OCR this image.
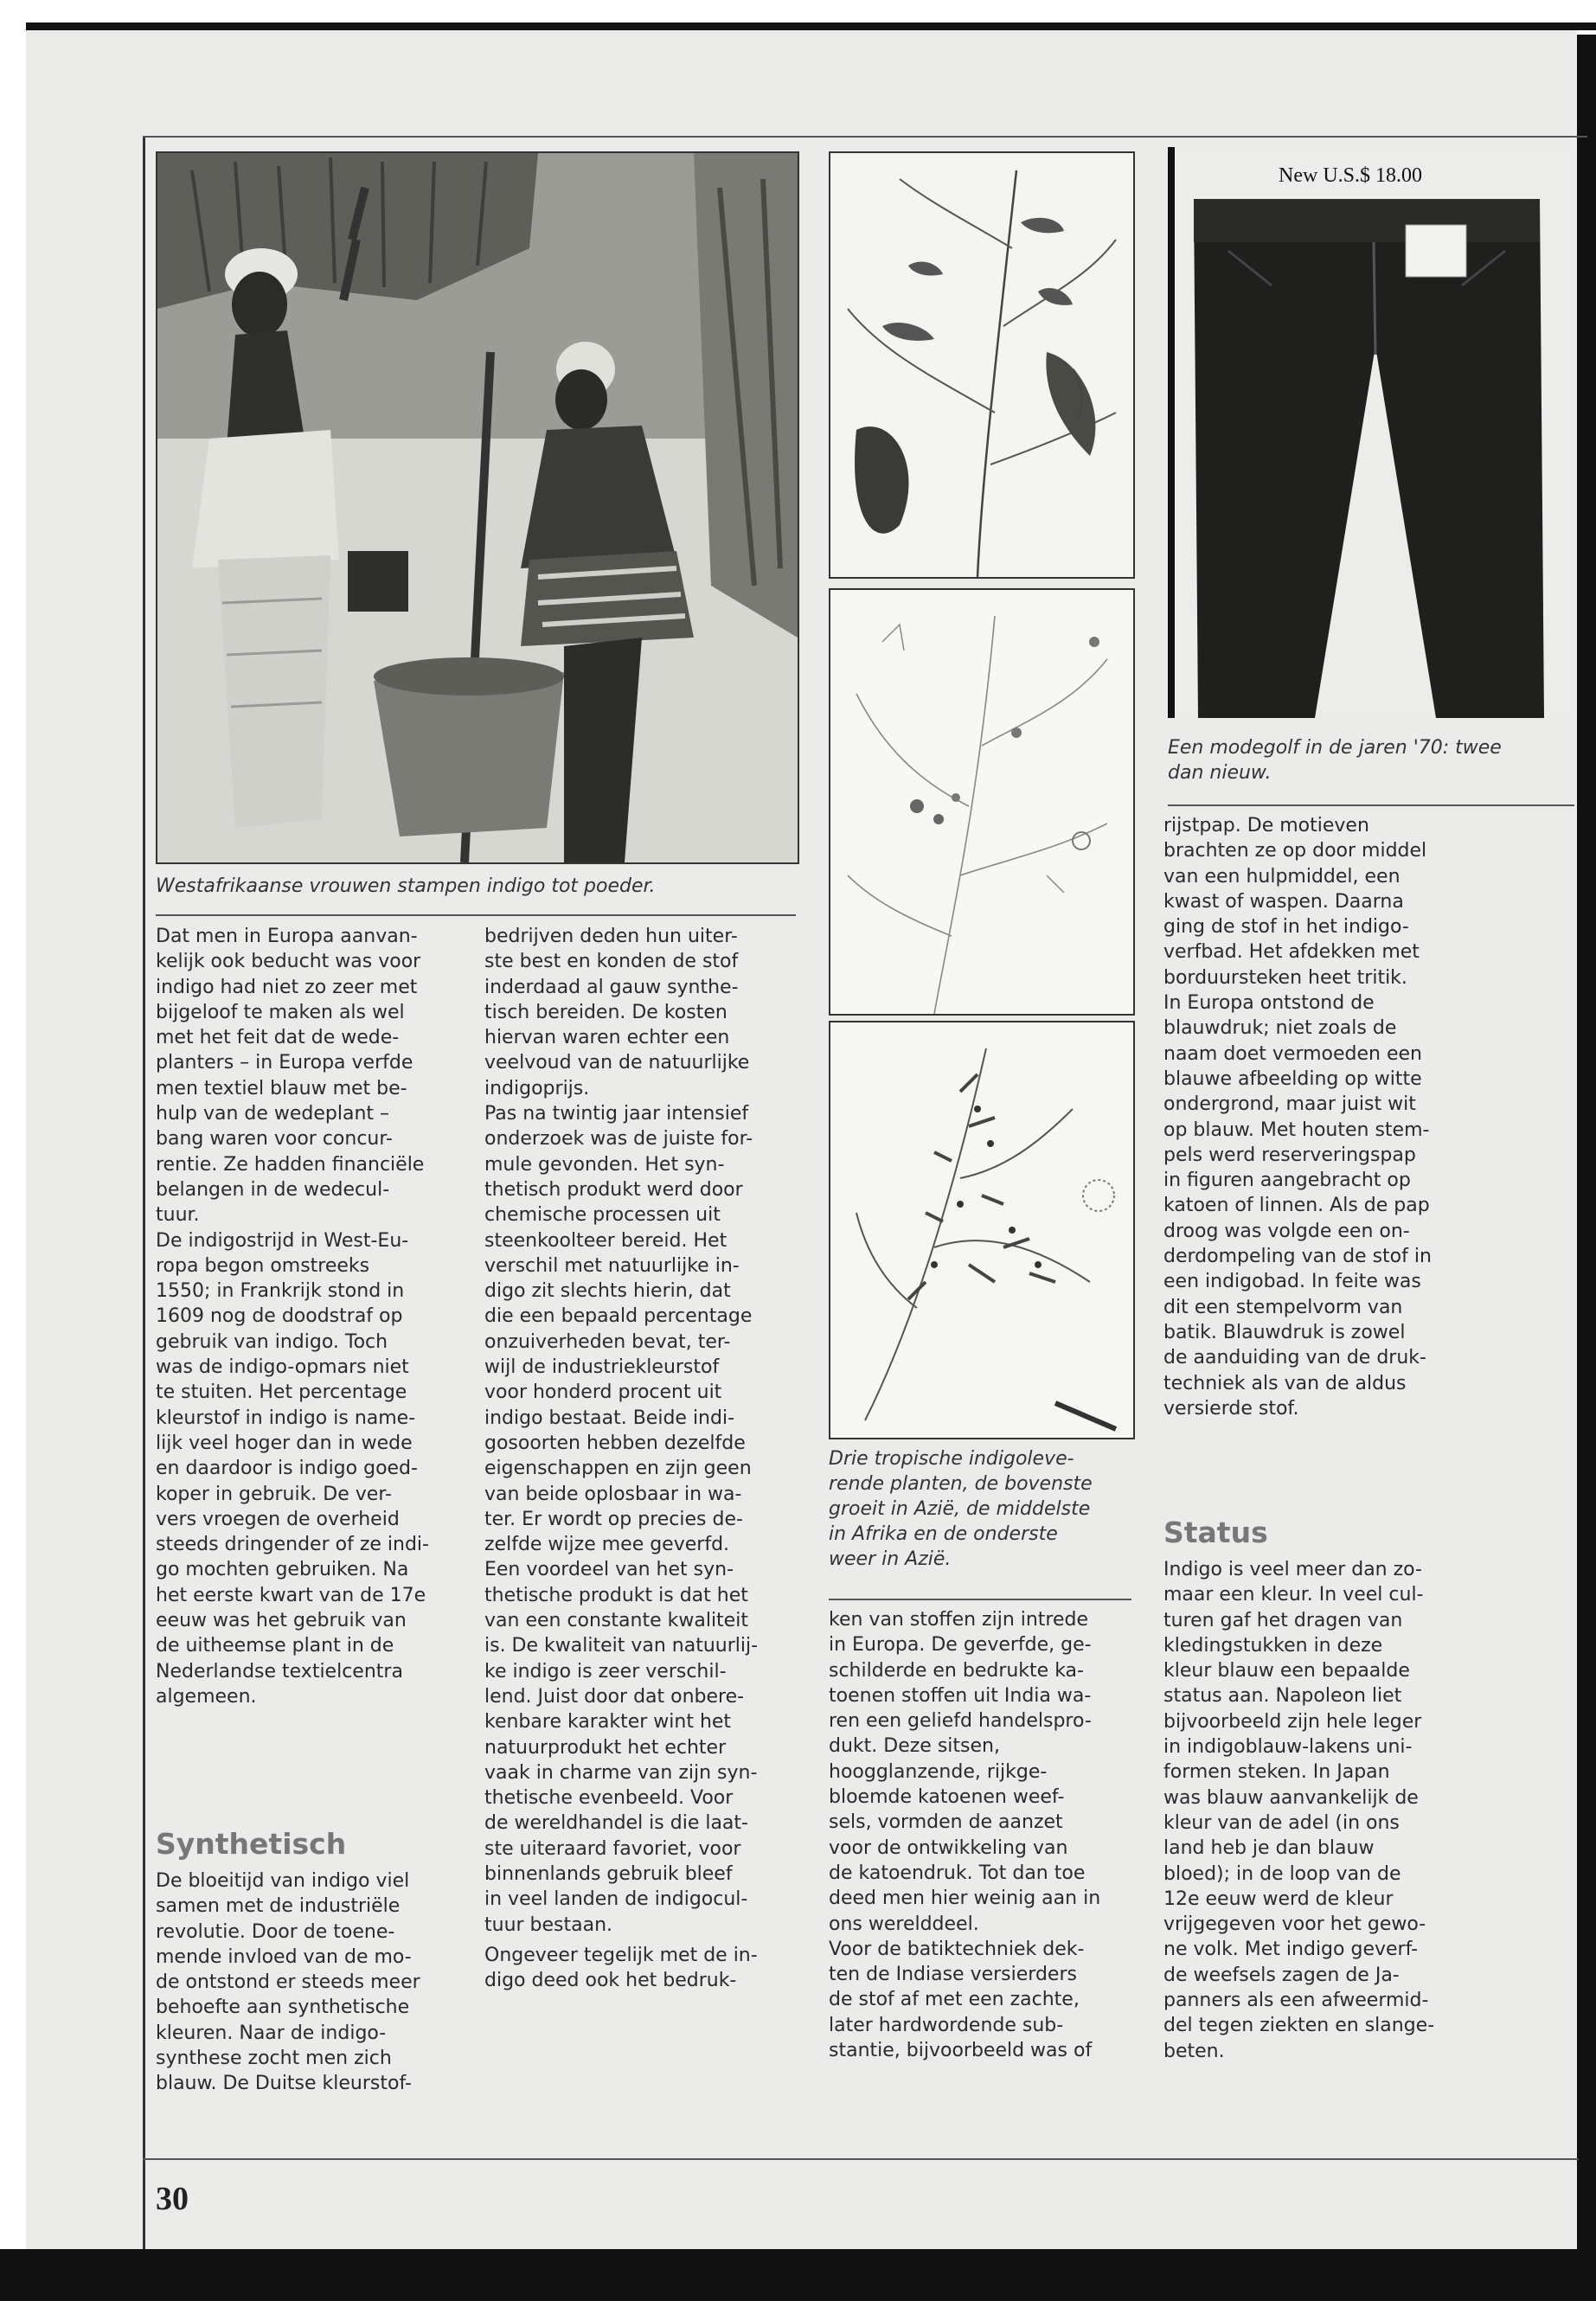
Westafrikaanse vrouwen stampen indigo tot poeder.

Dat men in Europa aanvan-

kelijk ook beducht was voor

indigo had niet zo zeer met

bijgeloof te maken als wel

met het feit dat de wede-

planters – in Europa verfde

men textiel blauw met be-

hulp van de wedeplant –

bang waren voor concur-

rentie. Ze hadden financiële

belangen in de wedecul-

tuur.

De indigostrijd in West-Eu-

ropa begon omstreeks

1550; in Frankrijk stond in

1609 nog de doodstraf op

gebruik van indigo. Toch

was de indigo-opmars niet

te stuiten. Het percentage

kleurstof in indigo is name-

lijk veel hoger dan in wede

en daardoor is indigo goed-

koper in gebruik. De ver-

vers vroegen de overheid

steeds dringender of ze indi-

go mochten gebruiken. Na

het eerste kwart van de 17e

eeuw was het gebruik van

de uitheemse plant in de

Nederlandse textielcentra

algemeen.

Synthetisch

De bloeitijd van indigo viel

samen met de industriële

revolutie. Door de toene-

mende invloed van de mo-

de ontstond er steeds meer

behoefte aan synthetische

kleuren. Naar de indigo-

synthese zocht men zich

blauw. De Duitse kleurstof-

bedrijven deden hun uiter-

ste best en konden de stof

inderdaad al gauw synthe-

tisch bereiden. De kosten

hiervan waren echter een

veelvoud van de natuurlijke

indigoprijs.

Pas na twintig jaar intensief

onderzoek was de juiste for-

mule gevonden. Het syn-

thetisch produkt werd door

chemische processen uit

steenkoolteer bereid. Het

verschil met natuurlijke in-

digo zit slechts hierin, dat

die een bepaald percentage

onzuiverheden bevat, ter-

wijl de industriekleurstof

voor honderd procent uit

indigo bestaat. Beide indi-

gosoorten hebben dezelfde

eigenschappen en zijn geen

van beide oplosbaar in wa-

ter. Er wordt op precies de-

zelfde wijze mee geverfd.

Een voordeel van het syn-

thetische produkt is dat het

van een constante kwaliteit

is. De kwaliteit van natuurlij-

ke indigo is zeer verschil-

lend. Juist door dat onbere-

kenbare karakter wint het

natuurprodukt het echter

vaak in charme van zijn syn-

thetische evenbeeld. Voor

de wereldhandel is die laat-

ste uiteraard favoriet, voor

binnenlands gebruik bleef

in veel landen de indigocul-

tuur bestaan.

Ongeveer tegelijk met de in-

digo deed ook het bedruk-

Drie tropische indigoleve-
rende planten, de bovenste
groeit in Azië, de middelste
in Afrika en de onderste
weer in Azië.

ken van stoffen zijn intrede

in Europa. De geverfde, ge-

schilderde en bedrukte ka-

toenen stoffen uit India wa-

ren een geliefd handelspro-

dukt. Deze sitsen,

hoogglanzende, rijkge-

bloemde katoenen weef-

sels, vormden de aanzet

voor de ontwikkeling van

de katoendruk. Tot dan toe

deed men hier weinig aan in

ons werelddeel.

Voor de batiktechniek dek-

ten de Indiase versierders

de stof af met een zachte,

later hardwordende sub-

stantie, bijvoorbeeld was of

New U.S.$ 18.00
Een modegolf in de jaren '70: twee
dan nieuw.

rijstpap. De motieven

brachten ze op door middel

van een hulpmiddel, een

kwast of waspen. Daarna

ging de stof in het indigo-

verfbad. Het afdekken met

borduursteken heet tritik.

In Europa ontstond de

blauwdruk; niet zoals de

naam doet vermoeden een

blauwe afbeelding op witte

ondergrond, maar juist wit

op blauw. Met houten stem-

pels werd reserveringspap

in figuren aangebracht op

katoen of linnen. Als de pap

droog was volgde een on-

derdompeling van de stof in

een indigobad. In feite was

dit een stempelvorm van

batik. Blauwdruk is zowel

de aanduiding van de druk-

techniek als van de aldus

versierde stof.

Status

Indigo is veel meer dan zo-

maar een kleur. In veel cul-

turen gaf het dragen van

kledingstukken in deze

kleur blauw een bepaalde

status aan. Napoleon liet

bijvoorbeeld zijn hele leger

in indigoblauw-lakens uni-

formen steken. In Japan

was blauw aanvankelijk de

kleur van de adel (in ons

land heb je dan blauw

bloed); in de loop van de

12e eeuw werd de kleur

vrijgegeven voor het gewo-

ne volk. Met indigo geverf-

de weefsels zagen de Ja-

panners als een afweermid-

del tegen ziekten en slange-

beten.

30
